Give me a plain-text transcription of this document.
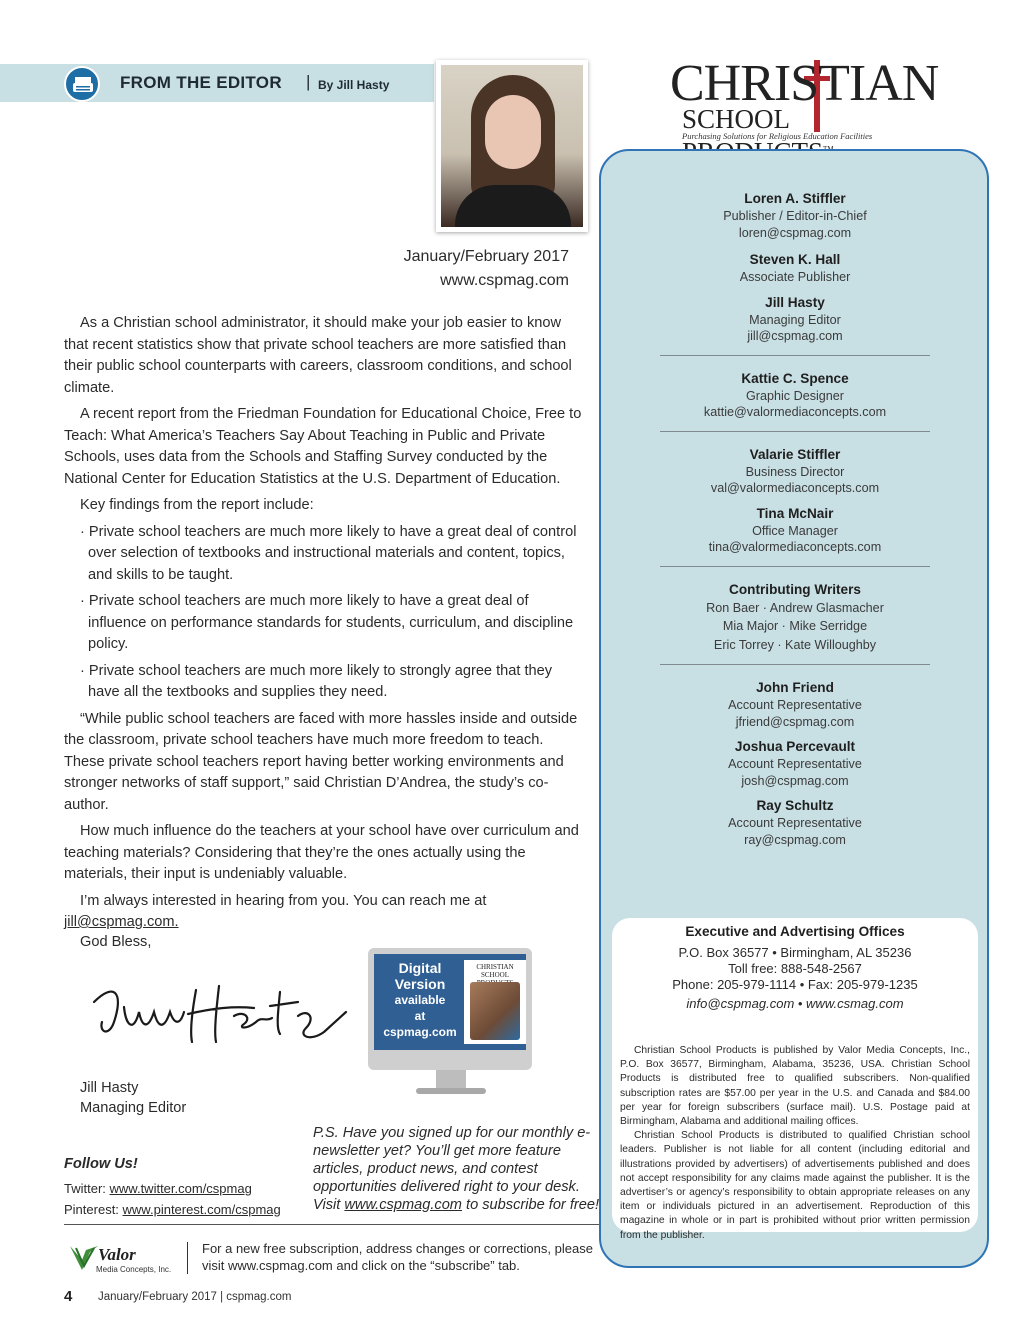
FROM THE EDITOR | By Jill Hasty
January/February 2017
www.cspmag.com

As a Christian school administrator, it should make your job easier to know that recent statistics show that private school teachers are more satisfied than their public school counterparts with careers, classroom conditions, and school climate.

A recent report from the Friedman Foundation for Educational Choice, Free to Teach: What America’s Teachers Say About Teaching in Public and Private Schools, uses data from the Schools and Staffing Survey conducted by the National Center for Education Statistics at the U.S. Department of Education.

Key findings from the report include:

· Private school teachers are much more likely to have a great deal of control over selection of textbooks and instructional materials and content, topics, and skills to be taught.

· Private school teachers are much more likely to have a great deal of influence on performance standards for students, curriculum, and discipline policy.

· Private school teachers are much more likely to strongly agree that they have all the textbooks and supplies they need.

“While public school teachers are faced with more hassles inside and outside the classroom, private school teachers have much more freedom to teach. These private school teachers report having better working environments and stronger networks of staff support,” said Christian D’Andrea, the study’s co-author.

How much influence do the teachers at your school have over curriculum and teaching materials? Considering that they’re the ones actually using the materials, their input is undeniably valuable.

I’m always interested in hearing from you. You can reach me at jill@cspmag.com.

God Bless,
Jill Hasty
Managing Editor
Digital
Version
available
at
cspmag.com
CHRISTIAN
SCHOOL
Follow Us!
Twitter: www.twitter.com/cspmag
Pinterest: www.pinterest.com/cspmag
P.S. Have you signed up for our monthly e-newsletter yet? You’ll get more feature articles, product news, and contest opportunities delivered right to your desk. Visit www.cspmag.com to subscribe for free!
Valor
Media Concepts, Inc.
For a new free subscription, address changes or corrections, please visit www.cspmag.com and click on the “subscribe” tab.
4 January/February 2017 | cspmag.com
CHRISTIAN
SCHOOL
Purchasing Solutions for Religious Education Facilities
Loren A. Stiffler
Publisher / Editor-in-Chief
loren@cspmag.com
Steven K. Hall
Associate Publisher
Jill Hasty
Managing Editor
jill@cspmag.com
Kattie C. Spence
Graphic Designer
kattie@valormediaconcepts.com
Valarie Stiffler
Business Director
val@valormediaconcepts.com
Tina McNair
Office Manager
tina@valormediaconcepts.com
Contributing Writers
Ron Baer · Andrew Glasmacher
Mia Major · Mike Serridge
Eric Torrey · Kate Willoughby
John Friend
Account Representative
jfriend@cspmag.com
Joshua Percevault
Account Representative
josh@cspmag.com
Ray Schultz
Account Representative
ray@cspmag.com
Executive and Advertising Offices
P.O. Box 36577 • Birmingham, AL 35236
Toll free: 888-548-2567
Phone: 205-979-1114 • Fax: 205-979-1235
info@cspmag.com • www.csmag.com

Christian School Products is published by Valor Media Concepts, Inc., P.O. Box 36577, Birmingham, Alabama, 35236, USA. Christian School Products is distributed free to qualified subscribers. Non-qualified subscription rates are $57.00 per year in the U.S. and Canada and $84.00 per year for foreign subscribers (surface mail). U.S. Postage paid at Birmingham, Alabama and additional mailing offices.

Christian School Products is distributed to qualified Christian school leaders. Publisher is not liable for all content (including editorial and illustrations provided by advertisers) of advertisements published and does not accept responsibility for any claims made against the publisher. It is the advertiser’s or agency’s responsibility to obtain appropriate releases on any item or individuals pictured in an advertisement. Reproduction of this magazine in whole or in part is prohibited without prior written permission from the publisher.
